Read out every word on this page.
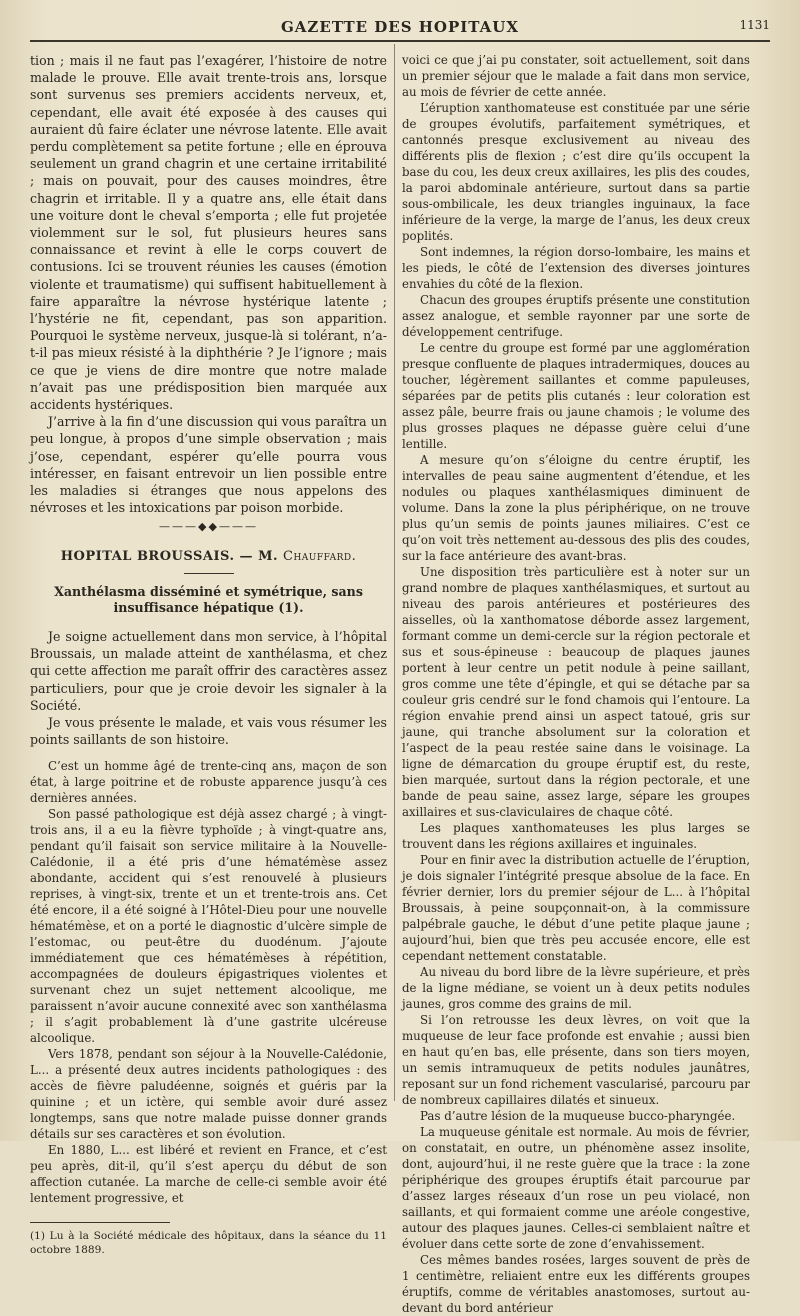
GAZETTE DES HOPITAUX	1131

tion ; mais il ne faut pas l’exagérer, l’histoire de notre malade le prouve. Elle avait trente-trois ans, lorsque sont survenus ses premiers accidents nerveux, et, cependant, elle avait été exposée à des causes qui auraient dû faire éclater une névrose latente. Elle avait perdu complètement sa petite fortune ; elle en éprouva seulement un grand chagrin et une certaine irritabilité ; mais on pouvait, pour des causes moindres, être chagrin et irritable. Il y a quatre ans, elle était dans une voiture dont le cheval s’emporta ; elle fut projetée violemment sur le sol, fut plusieurs heures sans connaissance et revint à elle le corps couvert de contusions. Ici se trouvent réunies les causes (émotion violente et traumatisme) qui suffisent habituellement à faire apparaître la névrose hystérique latente ; l’hystérie ne fit, cependant, pas son apparition. Pourquoi le système nerveux, jusque-là si tolérant, n’a-t-il pas mieux résisté à la diphthérie ? Je l’ignore ; mais ce que je viens de dire montre que notre malade n’avait pas une prédisposition bien marquée aux accidents hystériques.

J’arrive à la fin d’une discussion qui vous paraîtra un peu longue, à propos d’une simple observation ; mais j’ose, cependant, espérer qu’elle pourra vous intéresser, en faisant entrevoir un lien possible entre les maladies si étranges que nous appelons des névroses et les intoxications par poison morbide.

———◆◆———
HOPITAL BROUSSAIS. — M. Chauffard.
Xanthélasma disséminé et symétrique, sans insuffisance hépatique (1).

Je soigne actuellement dans mon service, à l’hôpital Broussais, un malade atteint de xanthélasma, et chez qui cette affection me paraît offrir des caractères assez particuliers, pour que je croie devoir les signaler à la Société.

Je vous présente le malade, et vais vous résumer les points saillants de son histoire.

C’est un homme âgé de trente-cinq ans, maçon de son état, à large poitrine et de robuste apparence jusqu’à ces dernières années.

Son passé pathologique est déjà assez chargé ; à vingt-trois ans, il a eu la fièvre typhoïde ; à vingt-quatre ans, pendant qu’il faisait son service militaire à la Nouvelle-Calédonie, il a été pris d’une hématémèse assez abondante, accident qui s’est renouvelé à plusieurs reprises, à vingt-six, trente et un et trente-trois ans. Cet été encore, il a été soigné à l’Hôtel-Dieu pour une nouvelle hématémèse, et on a porté le diagnostic d’ulcère simple de l’estomac, ou peut-être du duodénum. J’ajoute immédiatement que ces hématémèses à répétition, accompagnées de douleurs épigastriques violentes et survenant chez un sujet nettement alcoolique, me paraissent n’avoir aucune connexité avec son xanthélasma ; il s’agit probablement là d’une gastrite ulcéreuse alcoolique.

Vers 1878, pendant son séjour à la Nouvelle-Calédonie, L... a présenté deux autres incidents pathologiques : des accès de fièvre paludéenne, soignés et guéris par la quinine ; et un ictère, qui semble avoir duré assez longtemps, sans que notre malade puisse donner grands détails sur ses caractères et son évolution.

En 1880, L... est libéré et revient en France, et c’est peu après, dit-il, qu’il s’est aperçu du début de son affection cutanée. La marche de celle-ci semble avoir été lentement progressive, et

(1) Lu à la Société médicale des hôpitaux, dans la séance du 11 octobre 1889.

voici ce que j’ai pu constater, soit actuellement, soit dans un premier séjour que le malade a fait dans mon service, au mois de février de cette année.

L’éruption xanthomateuse est constituée par une série de groupes évolutifs, parfaitement symétriques, et cantonnés presque exclusivement au niveau des différents plis de flexion ; c’est dire qu’ils occupent la base du cou, les deux creux axillaires, les plis des coudes, la paroi abdominale antérieure, surtout dans sa partie sous-ombilicale, les deux triangles inguinaux, la face inférieure de la verge, la marge de l’anus, les deux creux poplités.

Sont indemnes, la région dorso-lombaire, les mains et les pieds, le côté de l’extension des diverses jointures envahies du côté de la flexion.

Chacun des groupes éruptifs présente une constitution assez analogue, et semble rayonner par une sorte de développement centrifuge.

Le centre du groupe est formé par une agglomération presque confluente de plaques intradermiques, douces au toucher, légèrement saillantes et comme papuleuses, séparées par de petits plis cutanés : leur coloration est assez pâle, beurre frais ou jaune chamois ; le volume des plus grosses plaques ne dépasse guère celui d’une lentille.

A mesure qu’on s’éloigne du centre éruptif, les intervalles de peau saine augmentent d’étendue, et les nodules ou plaques xanthélasmiques diminuent de volume. Dans la zone la plus périphérique, on ne trouve plus qu’un semis de points jaunes miliaires. C’est ce qu’on voit très nettement au-dessous des plis des coudes, sur la face antérieure des avant-bras.

Une disposition très particulière est à noter sur un grand nombre de plaques xanthélasmiques, et surtout au niveau des parois antérieures et postérieures des aisselles, où la xanthomatose déborde assez largement, formant comme un demi-cercle sur la région pectorale et sus et sous-épineuse : beaucoup de plaques jaunes portent à leur centre un petit nodule à peine saillant, gros comme une tête d’épingle, et qui se détache par sa couleur gris cendré sur le fond chamois qui l’entoure. La région envahie prend ainsi un aspect tatoué, gris sur jaune, qui tranche absolument sur la coloration et l’aspect de la peau restée saine dans le voisinage. La ligne de démarcation du groupe éruptif est, du reste, bien marquée, surtout dans la région pectorale, et une bande de peau saine, assez large, sépare les groupes axillaires et sus-claviculaires de chaque côté.

Les plaques xanthomateuses les plus larges se trouvent dans les régions axillaires et inguinales.

Pour en finir avec la distribution actuelle de l’éruption, je dois signaler l’intégrité presque absolue de la face. En février dernier, lors du premier séjour de L... à l’hôpital Broussais, à peine soupçonnait-on, à la commissure palpébrale gauche, le début d’une petite plaque jaune ; aujourd’hui, bien que très peu accusée encore, elle est cependant nettement constatable.

Au niveau du bord libre de la lèvre supérieure, et près de la ligne médiane, se voient un à deux petits nodules jaunes, gros comme des grains de mil.

Si l’on retrousse les deux lèvres, on voit que la muqueuse de leur face profonde est envahie ; aussi bien en haut qu’en bas, elle présente, dans son tiers moyen, un semis intramuqueux de petits nodules jaunâtres, reposant sur un fond richement vascularisé, parcouru par de nombreux capillaires dilatés et sinueux.

Pas d’autre lésion de la muqueuse bucco-pharyngée.

La muqueuse génitale est normale. Au mois de février, on constatait, en outre, un phénomène assez insolite, dont, aujourd’hui, il ne reste guère que la trace : la zone périphérique des groupes éruptifs était parcourue par d’assez larges réseaux d’un rose un peu violacé, non saillants, et qui formaient comme une aréole congestive, autour des plaques jaunes. Celles-ci semblaient naître et évoluer dans cette sorte de zone d’envahissement.

Ces mêmes bandes rosées, larges souvent de près de 1 centimètre, reliaient entre eux les différents groupes éruptifs, comme de véritables anastomoses, surtout au-devant du bord antérieur
